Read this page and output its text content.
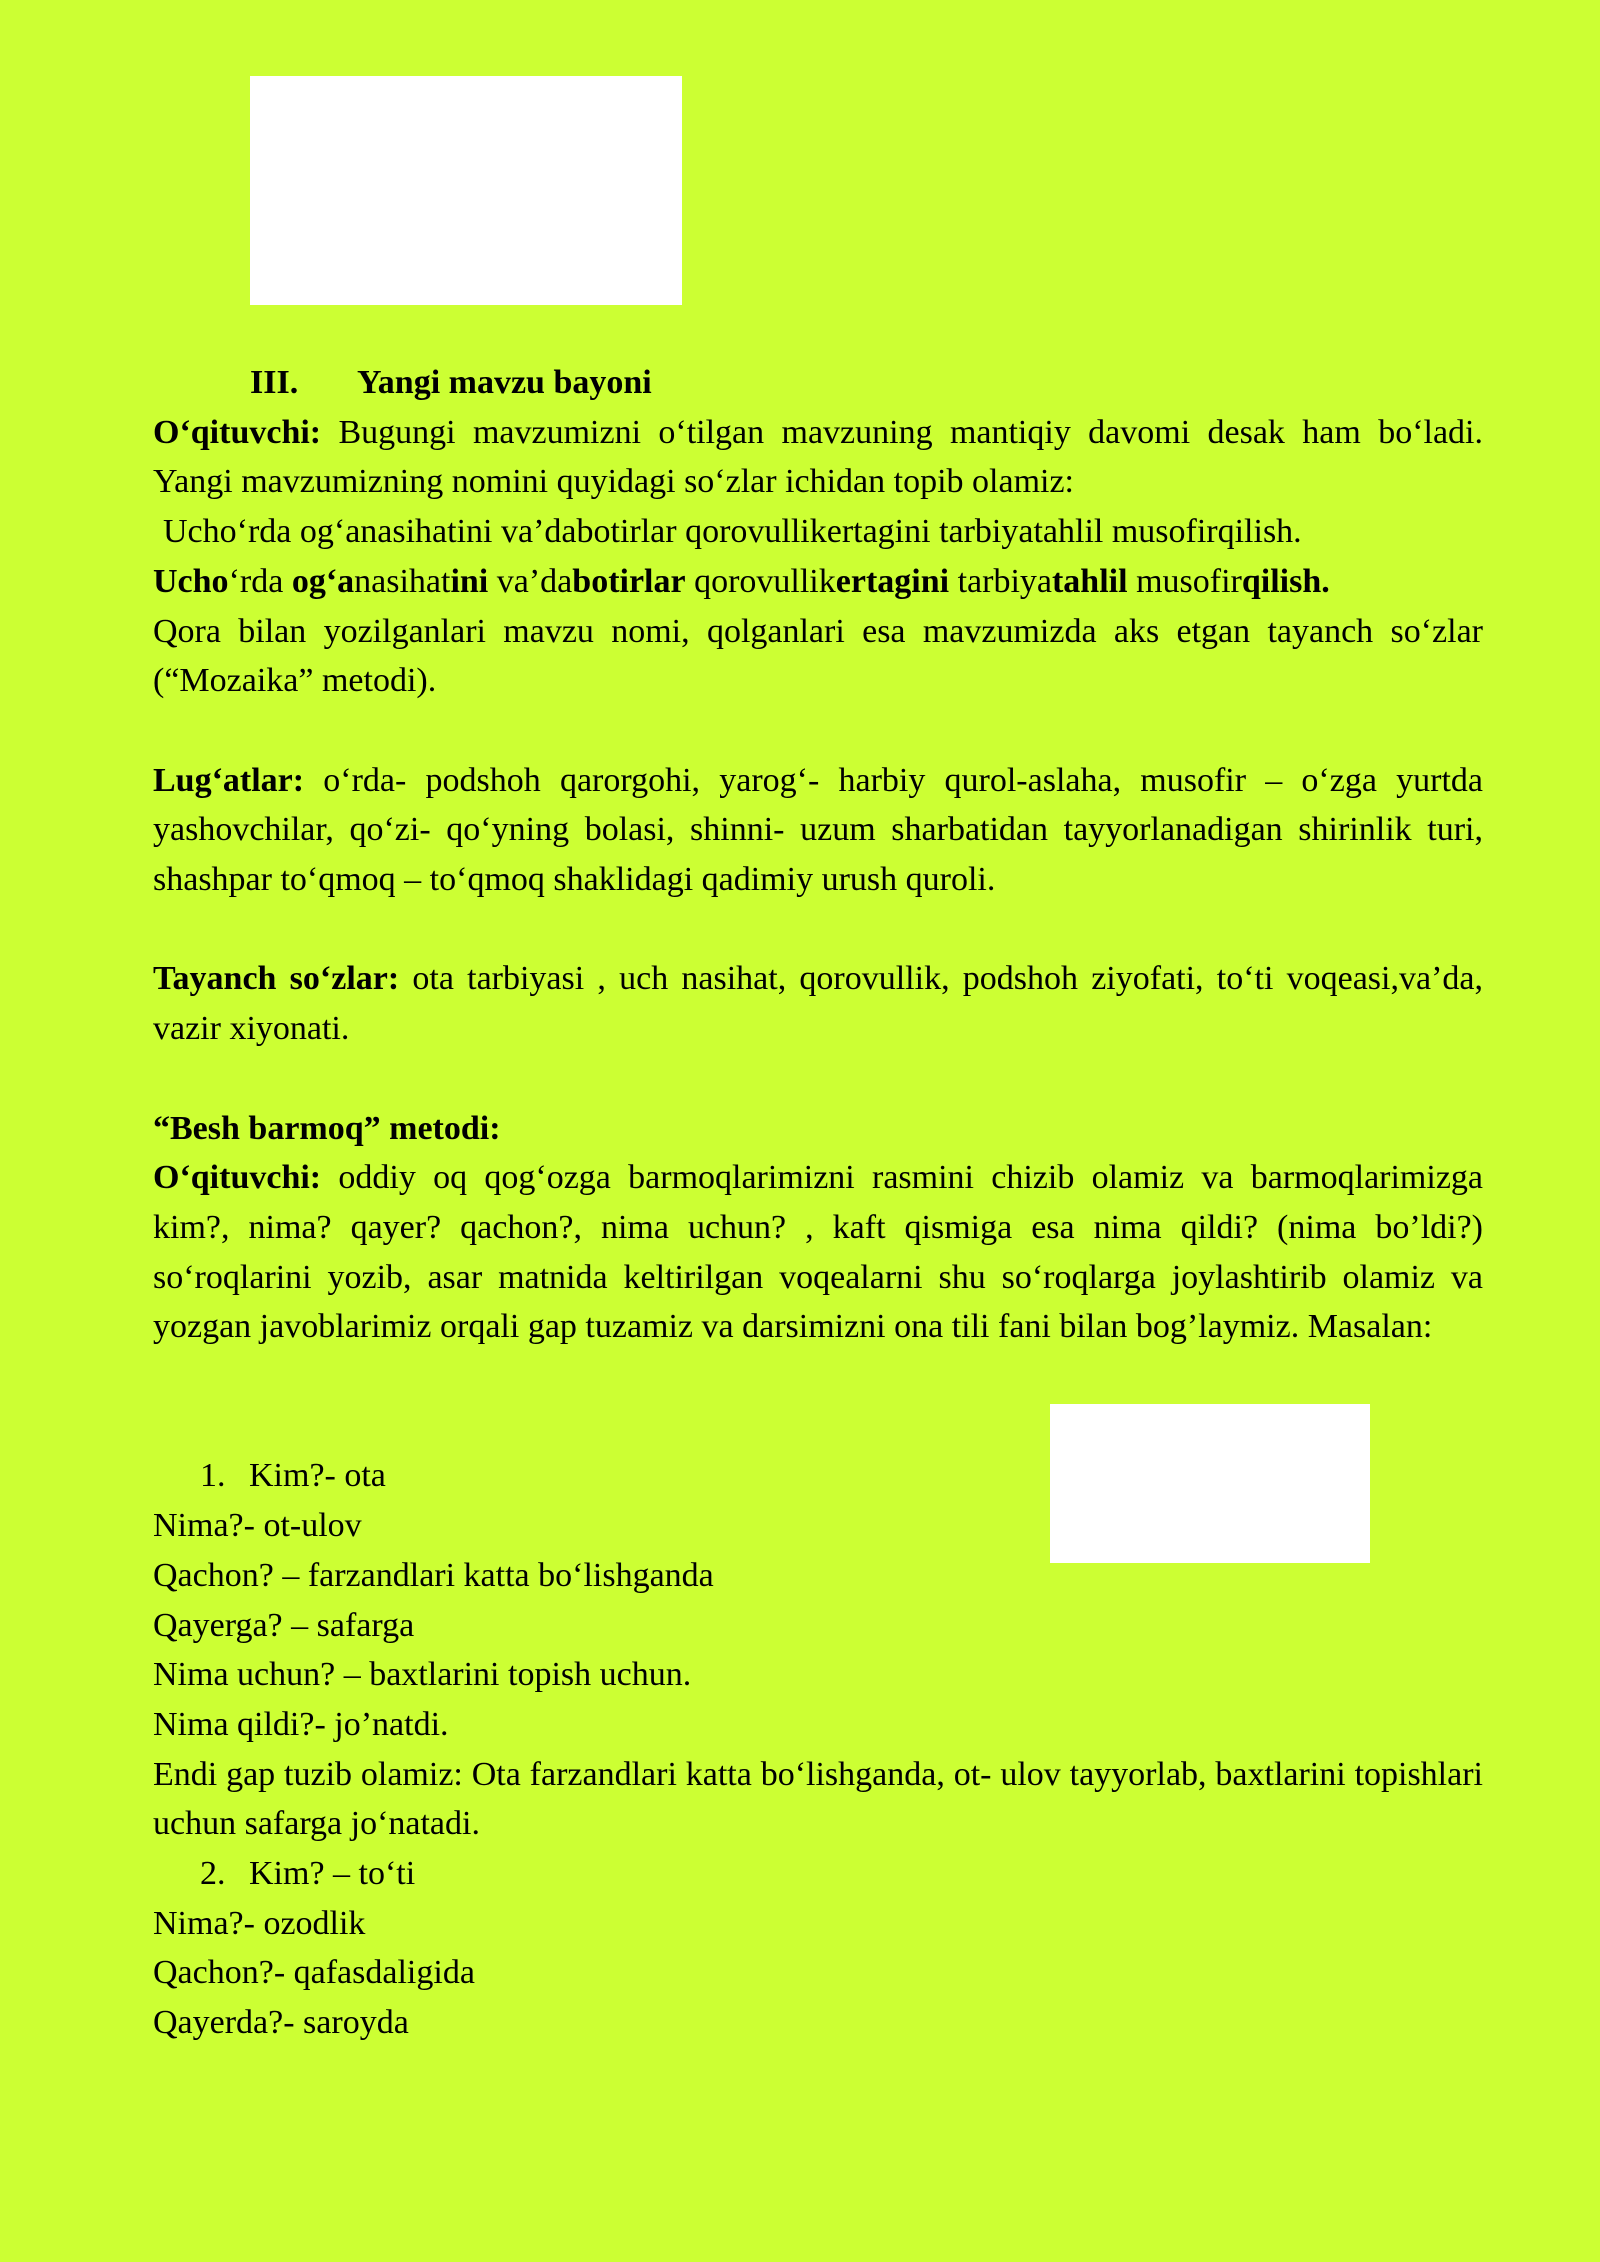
III. Yangi mavzu bayoni

O‘qituvchi: Bugungi mavzumizni o‘tilgan mavzuning mantiqiy davomi desak ham bo‘ladi. Yangi mavzumizning nomini quyidagi so‘zlar ichidan topib olamiz:

Ucho‘rda og‘anasihatini va’dabotirlar qorovullikertagini tarbiyatahlil musofirqilish.

Ucho‘rda og‘anasihatini va’dabotirlar qorovullikertagini tarbiyatahlil musofirqilish.

Qora bilan yozilganlari mavzu nomi, qolganlari esa mavzumizda aks etgan tayanch so‘zlar (“Mozaika” metodi).

Lug‘atlar: o‘rda- podshoh qarorgohi, yarog‘- harbiy qurol-aslaha, musofir – o‘zga yurtda yashovchilar, qo‘zi- qo‘yning bolasi, shinni- uzum sharbatidan tayyorlanadigan shirinlik turi, shashpar to‘qmoq – to‘qmoq shaklidagi qadimiy urush quroli.

Tayanch so‘zlar: ota tarbiyasi , uch nasihat, qorovullik, podshoh ziyofati, to‘ti voqeasi,va’da, vazir xiyonati.

“Besh barmoq” metodi:

O‘qituvchi: oddiy oq qog‘ozga barmoqlarimizni rasmini chizib olamiz va barmoqlarimizga kim?, nima? qayer? qachon?, nima uchun? , kaft qismiga esa nima qildi? (nima bo’ldi?) so‘roqlarini yozib, asar matnida keltirilgan voqealarni shu so‘roqlarga joylashtirib olamiz va yozgan javoblarimiz orqali gap tuzamiz va darsimizni ona tili fani bilan bog’laymiz. Masalan:

1. Kim?- ota

Nima?- ot-ulov

Qachon? – farzandlari katta bo‘lishganda

Qayerga? – safarga

Nima uchun? – baxtlarini topish uchun.

Nima qildi?- jo’natdi.

Endi gap tuzib olamiz: Ota farzandlari katta bo‘lishganda, ot- ulov tayyorlab, baxtlarini topishlari uchun safarga jo‘natadi.

2. Kim? – to‘ti

Nima?- ozodlik

Qachon?- qafasdaligida

Qayerda?- saroyda
